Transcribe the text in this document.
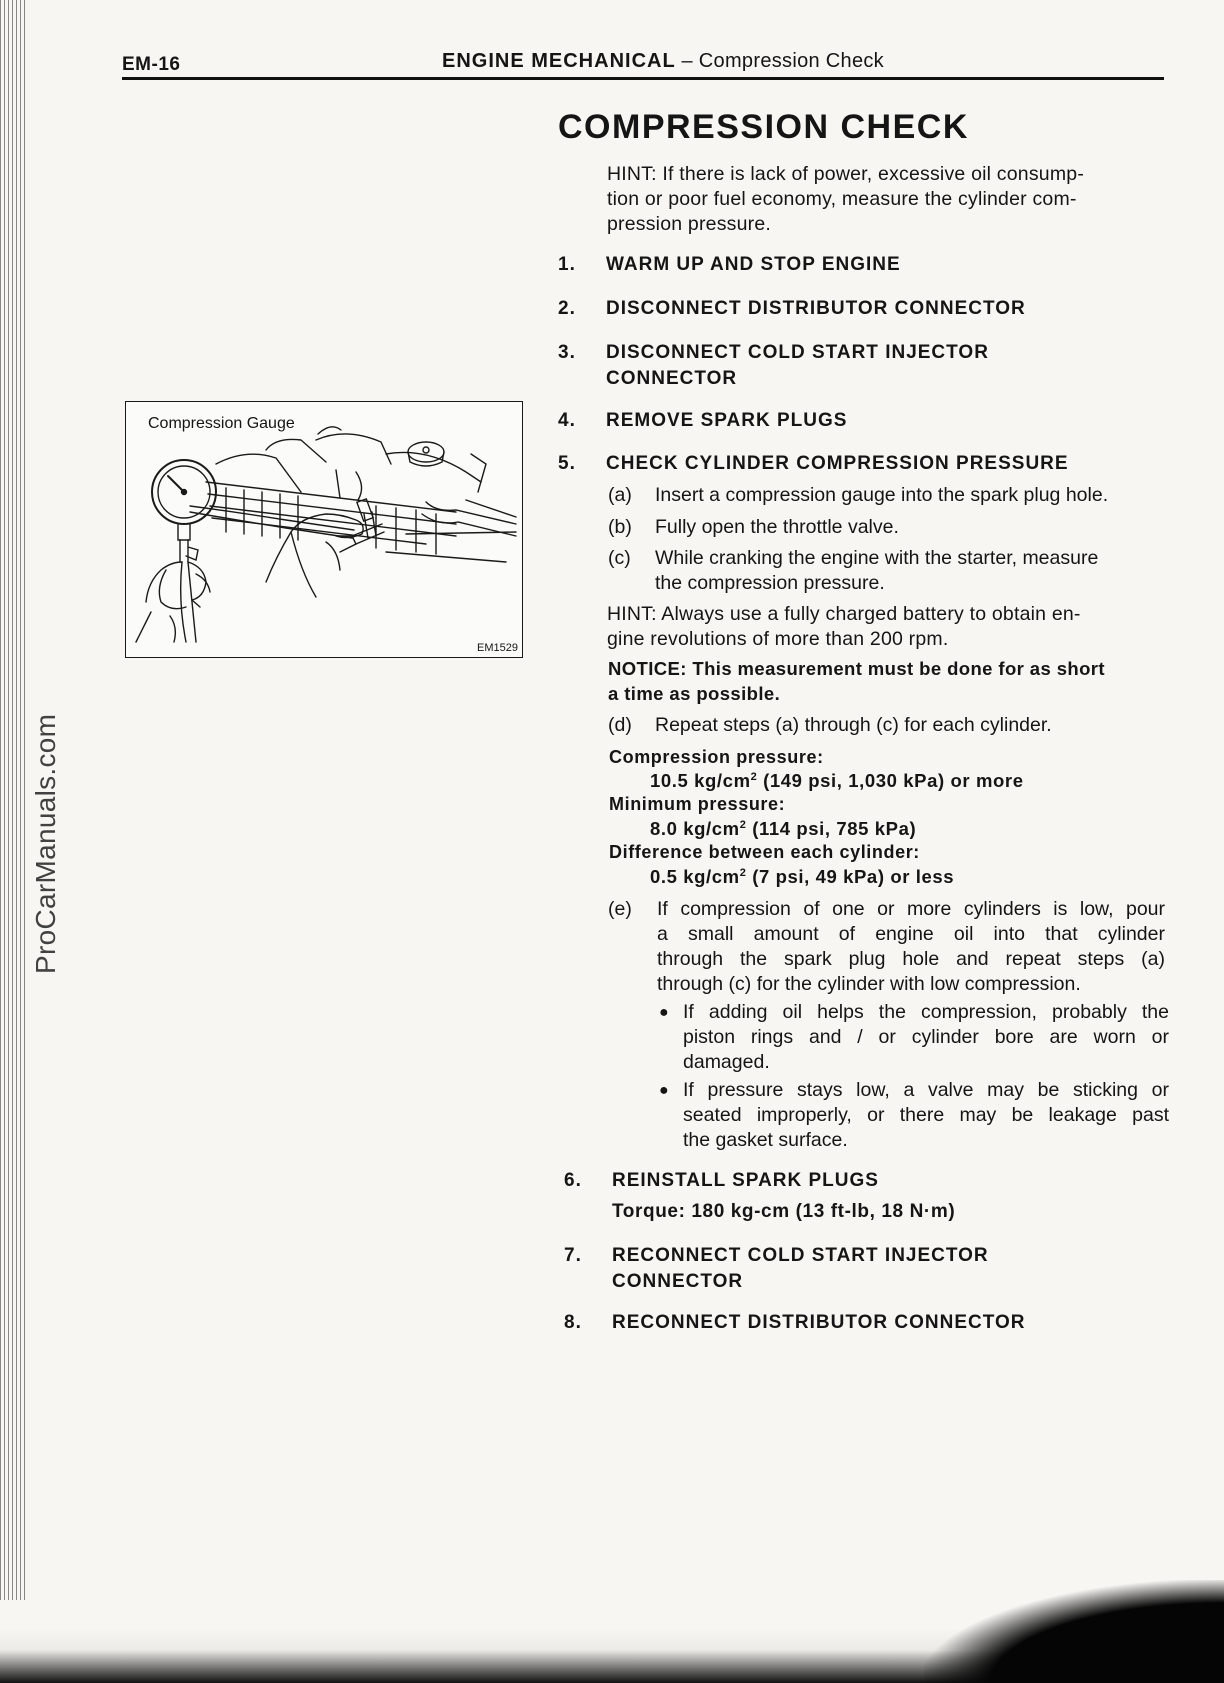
ProCarManuals.com
EM-16	ENGINE MECHANICAL – Compression Check
COMPRESSION CHECK
HINT: If there is lack of power, excessive oil consump-
tion or poor fuel economy, measure the cylinder com-
pression pressure.
1. WARM UP AND STOP ENGINE
2. DISCONNECT DISTRIBUTOR CONNECTOR
3. DISCONNECT COLD START INJECTOR
CONNECTOR
4. REMOVE SPARK PLUGS
5. CHECK CYLINDER COMPRESSION PRESSURE
(a) Insert a compression gauge into the spark plug hole.
(b) Fully open the throttle valve.
(c) While cranking the engine with the starter, measure
the compression pressure.
HINT: Always use a fully charged battery to obtain en-
gine revolutions of more than 200 rpm.
NOTICE: This measurement must be done for as short
a time as possible.
(d) Repeat steps (a) through (c) for each cylinder.
Compression pressure:
10.5 $kg/cm^2$ (149 psi, 1,030 kPa) or more
Minimum pressure:
8.0 $kg/cm^2$ (114 psi, 785 kPa)
Difference between each cylinder:
0.5 $kg/cm^2$ (7 psi, 49 kPa) or less
(e) If compression of one or more cylinders is low, pour
a small amount of engine oil into that cylinder
through the spark plug hole and repeat steps (a)
through (c) for the cylinder with low compression.
● If adding oil helps the compression, probably the
piston rings and / or cylinder bore are worn or
damaged.
● If pressure stays low, a valve may be sticking or
seated improperly, or there may be leakage past
the gasket surface.
6. REINSTALL SPARK PLUGS
Torque: 180 kg-cm (13 ft-lb, 18 N·m)
7. RECONNECT COLD START INJECTOR
CONNECTOR
8. RECONNECT DISTRIBUTOR CONNECTOR
Compression Gauge
EM1529
